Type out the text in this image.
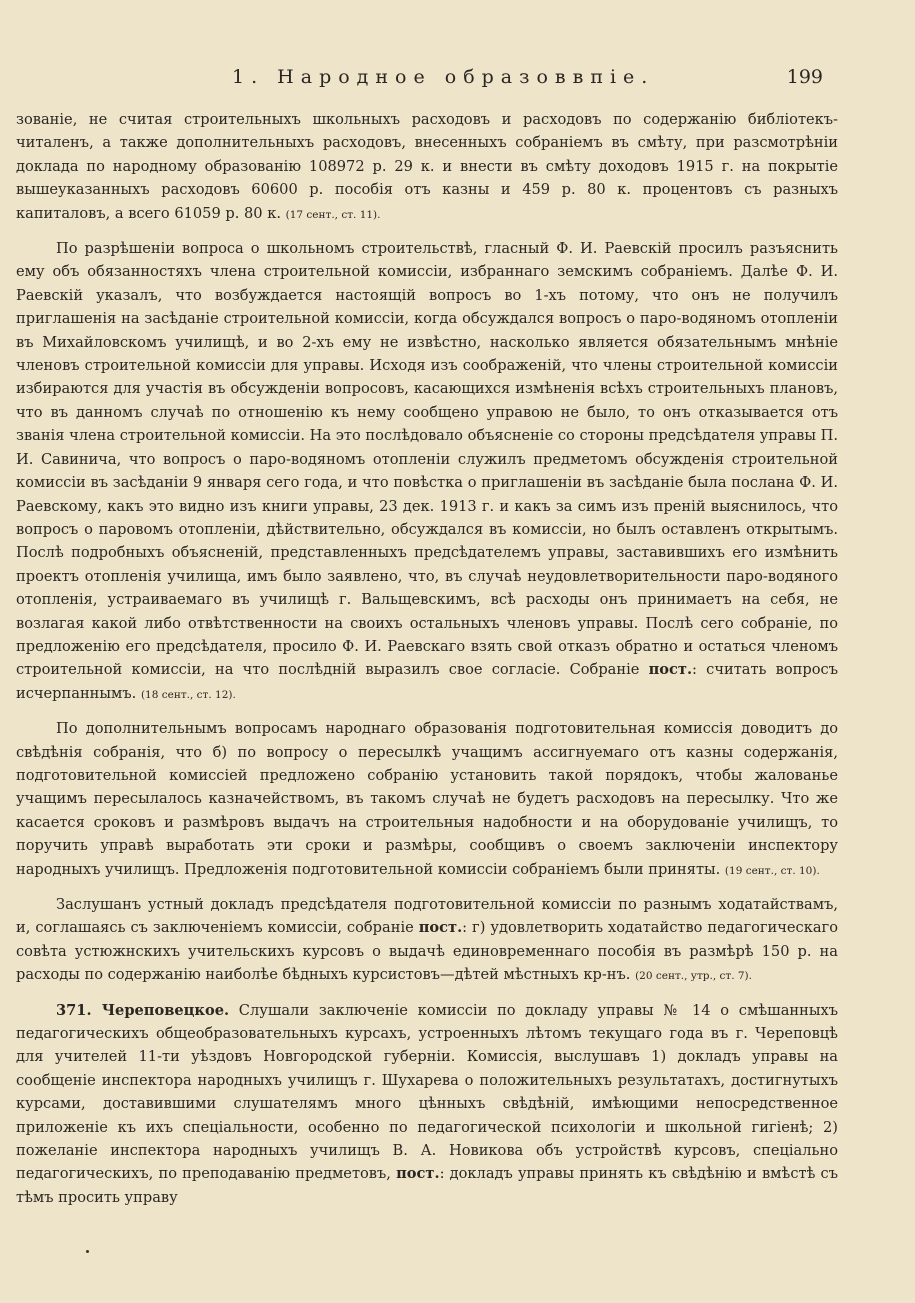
1. Народное образоввпie.	199

зованіе, не считая строительныхъ школьныхъ расходовъ и расходовъ по содержанію библіотекъ-читаленъ, а также дополнительныхъ расходовъ, внесенныхъ собраніемъ въ смѣту, при разсмотрѣніи доклада по народному образованію 108972 р. 29 к. и внести въ смѣту доходовъ 1915 г. на покрытіе вышеуказанныхъ расходовъ 60600 р. пособія отъ казны и 459 р. 80 к. процентовъ съ разныхъ капиталовъ, а всего 61059 р. 80 к. (17 сент., ст. 11).

По разрѣшеніи вопроса о школьномъ строительствѣ, гласный Ф. И. Раевскій просилъ разъяснить ему объ обязанностяхъ члена строительной комиссіи, избраннаго земскимъ собраніемъ. Далѣе Ф. И. Раевскій указалъ, что возбуждается настоящій вопросъ во 1-хъ потому, что онъ не получилъ приглашенія на засѣданіе строительной комиссіи, когда обсуждался вопросъ о паро-водяномъ отопленіи въ Михайловскомъ училищѣ, и во 2-хъ ему не извѣстно, насколько является обязательнымъ мнѣніе членовъ строительной комиссіи для управы. Исходя изъ соображеній, что члены строительной комиссіи избираются для участія въ обсужденіи вопросовъ, касающихся измѣненія всѣхъ строительныхъ плановъ, что въ данномъ случаѣ по отношенію къ нему сообщено управою не было, то онъ отказывается отъ званія члена строительной комиссіи. На это послѣдовало объясненіе со стороны предсѣдателя управы П. И. Савинича, что вопросъ о паро-водяномъ отопленіи служилъ предметомъ обсужденія строительной комиссіи въ засѣданіи 9 января сего года, и что повѣстка о приглашеніи въ засѣданіе была послана Ф. И. Раевскому, какъ это видно изъ книги управы, 23 дек. 1913 г. и какъ за симъ изъ преній выяснилось, что вопросъ о паровомъ отопленіи, дѣйствительно, обсуждался въ комиссіи, но былъ оставленъ открытымъ. Послѣ подробныхъ объясненій, представленныхъ предсѣдателемъ управы, заставившихъ его измѣнить проектъ отопленія училища, имъ было заявлено, что, въ случаѣ неудовлетворительности паро-водяного отопленія, устраиваемаго въ училищѣ г. Вальщевскимъ, всѣ расходы онъ принимаетъ на себя, не возлагая какой либо отвѣтственности на своихъ остальныхъ членовъ управы. Послѣ сего собраніе, по предложенію его предсѣдателя, просило Ф. И. Раевскаго взять свой отказъ обратно и остаться членомъ строительной комиссіи, на что послѣдній выразилъ свое согласіе. Собраніе пост.: считать вопросъ исчерпаннымъ. (18 сент., ст. 12).

По дополнительнымъ вопросамъ народнаго образованія подготовительная комиссія доводитъ до свѣдѣнія собранія, что б) по вопросу о пересылкѣ учащимъ ассигнуемаго отъ казны содержанія, подготовительной комиссіей предложено собранію установить такой порядокъ, чтобы жалованье учащимъ пересылалось казначействомъ, въ такомъ случаѣ не будетъ расходовъ на пересылку. Что же касается сроковъ и размѣровъ выдачъ на строительныя надобности и на оборудованіе училищъ, то поручить управѣ выработать эти сроки и размѣры, сообщивъ о своемъ заключеніи инспектору народныхъ училищъ. Предложенія подготовительной комиссіи собраніемъ были приняты. (19 сент., ст. 10).

Заслушанъ устный докладъ предсѣдателя подготовительной комиссіи по разнымъ ходатайствамъ, и, соглашаясь съ заключеніемъ комиссіи, собраніе пост.: г) удовлетворить ходатайство педагогическаго совѣта устюжнскихъ учительскихъ курсовъ о выдачѣ единовременнаго пособія въ размѣрѣ 150 р. на расходы по содержанію наиболѣе бѣдныхъ курсистовъ—дѣтей мѣстныхъ кр-нъ. (20 сент., утр., ст. 7).

371. Череповецкое. Слушали заключеніе комиссіи по докладу управы № 14 о смѣшанныхъ педагогическихъ общеобразовательныхъ курсахъ, устроенныхъ лѣтомъ текущаго года въ г. Череповцѣ для учителей 11-ти уѣздовъ Новгородской губерніи. Комиссія, выслушавъ 1) докладъ управы на сообщеніе инспектора народныхъ училищъ г. Шухарева о положительныхъ результатахъ, достигнутыхъ курсами, доставившими слушателямъ много цѣнныхъ свѣдѣній, имѣющими непосредственное приложеніе къ ихъ спеціальности, особенно по педагогической психологіи и школьной гигіенѣ; 2) пожеланіе инспектора народныхъ училищъ В. А. Новикова объ устройствѣ курсовъ, спеціально педагогическихъ, по преподаванію предметовъ, пост.: докладъ управы принять къ свѣдѣнію и вмѣстѣ съ тѣмъ просить управу
